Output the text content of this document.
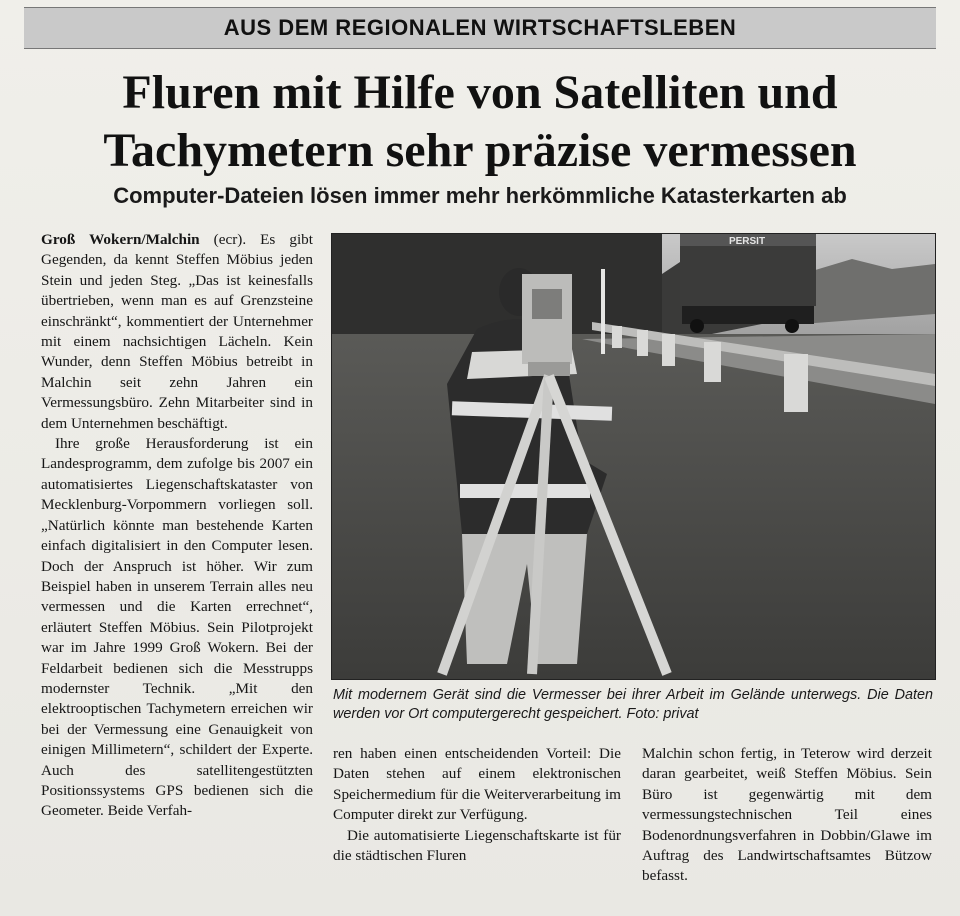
AUS DEM REGIONALEN WIRTSCHAFTSLEBEN
Fluren mit Hilfe von Satelliten und
Tachymetern sehr präzise vermessen
Computer-Dateien lösen immer mehr herkömmliche Katasterkarten ab

Groß Wokern/Malchin (ecr). Es gibt Gegenden, da kennt Steffen Möbius jeden Stein und jeden Steg. „Das ist keinesfalls übertrieben, wenn man es auf Grenzsteine einschränkt“, kommentiert der Unternehmer mit einem nachsichtigen Lächeln. Kein Wunder, denn Steffen Möbius betreibt in Malchin seit zehn Jahren ein Vermessungsbüro. Zehn Mitarbeiter sind in dem Unternehmen beschäftigt.

Ihre große Herausforderung ist ein Landesprogramm, dem zufolge bis 2007 ein automatisiertes Liegenschaftskataster von Mecklenburg-Vorpommern vorliegen soll. „Natürlich könnte man bestehende Karten einfach digitalisiert in den Computer lesen. Doch der Anspruch ist höher. Wir zum Beispiel haben in unserem Terrain alles neu vermessen und die Karten errechnet“, erläutert Steffen Möbius. Sein Pilotprojekt war im Jahre 1999 Groß Wokern. Bei der Feldarbeit bedienen sich die Messtrupps modernster Technik. „Mit den elektrooptischen Tachymetern erreichen wir bei der Vermessung eine Genauigkeit von einigen Millimetern“, schildert der Experte. Auch des satellitengestützten Positionssystems GPS bedienen sich die Geometer. Beide Verfah-

PERSIT
Mit modernem Gerät sind die Vermesser bei ihrer Arbeit im Gelände unterwegs. Die Daten werden vor Ort computergerecht gespeichert. Foto: privat

ren haben einen entscheidenden Vorteil: Die Daten stehen auf einem elektronischen Speichermedium für die Weiterverarbeitung im Computer direkt zur Verfügung.

Die automatisierte Liegenschaftskarte ist für die städtischen Fluren

Malchin schon fertig, in Teterow wird derzeit daran gearbeitet, weiß Steffen Möbius. Sein Büro ist gegenwärtig mit dem vermessungstechnischen Teil eines Bodenordnungsverfahren in Dobbin/Glawe im Auftrag des Landwirtschaftsamtes Bützow befasst.
